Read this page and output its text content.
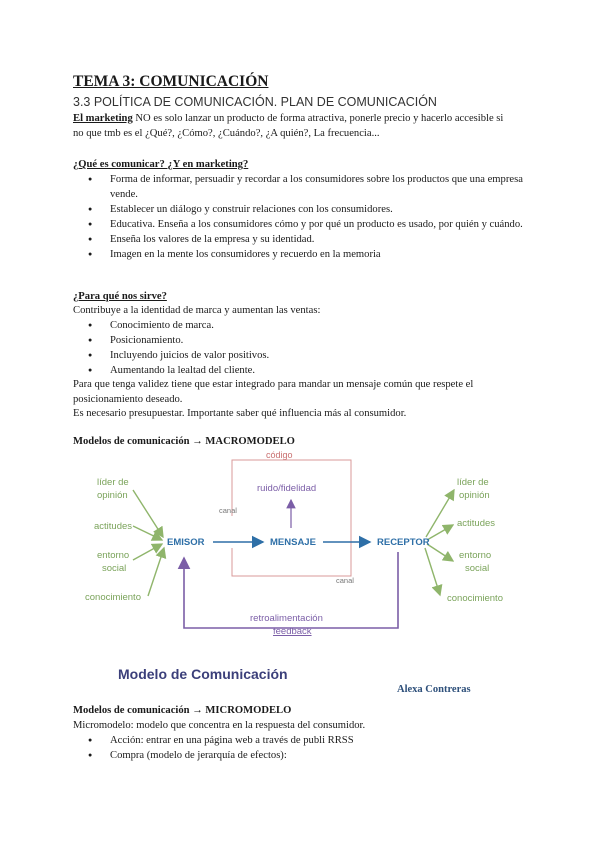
TEMA 3: COMUNICACIÓN
3.3 POLÍTICA DE COMUNICACIÓN. PLAN DE COMUNICACIÓN
El marketing NO es solo lanzar un producto de forma atractiva, ponerle precio y hacerlo accesible si
no que tmb es el ¿Qué?, ¿Cómo?, ¿Cuándo?, ¿A quién?, La frecuencia...
¿Qué es comunicar? ¿Y en marketing?
● Forma de informar, persuadir y recordar a los consumidores sobre los productos que una empresa vende.
● Establecer un diálogo y construir relaciones con los consumidores.
● Educativa. Enseña a los consumidores cómo y por qué un producto es usado, por quién y cuándo.
● Enseña los valores de la empresa y su identidad.
● Imagen en la mente los consumidores y recuerdo en la memoria
¿Para qué nos sirve?
Contribuye a la identidad de marca y aumentan las ventas:
● Conocimiento de marca.
● Posicionamiento.
● Incluyendo juicios de valor positivos.
● Aumentando la lealtad del cliente.
Para que tenga validez tiene que estar integrado para mandar un mensaje común que respete el posicionamiento deseado.
Es necesario presupuestar. Importante saber qué influencia más al consumidor.
Modelos de comunicación → MACROMODELO
código
ruido/fidelidad
canal
canal
EMISOR	MENSAJE	RECEPTOR
retroalimentación
feedback
líder de
opinión
actitudes
entorno
social
conocimiento
líder de
opinión
actitudes
entorno
social
conocimiento
Modelo de Comunicación
Alexa Contreras
Modelos de comunicación → MICROMODELO
Micromodelo: modelo que concentra en la respuesta del consumidor.
● Acción: entrar en una página web a través de publi RRSS
● Compra (modelo de jerarquía de efectos):
